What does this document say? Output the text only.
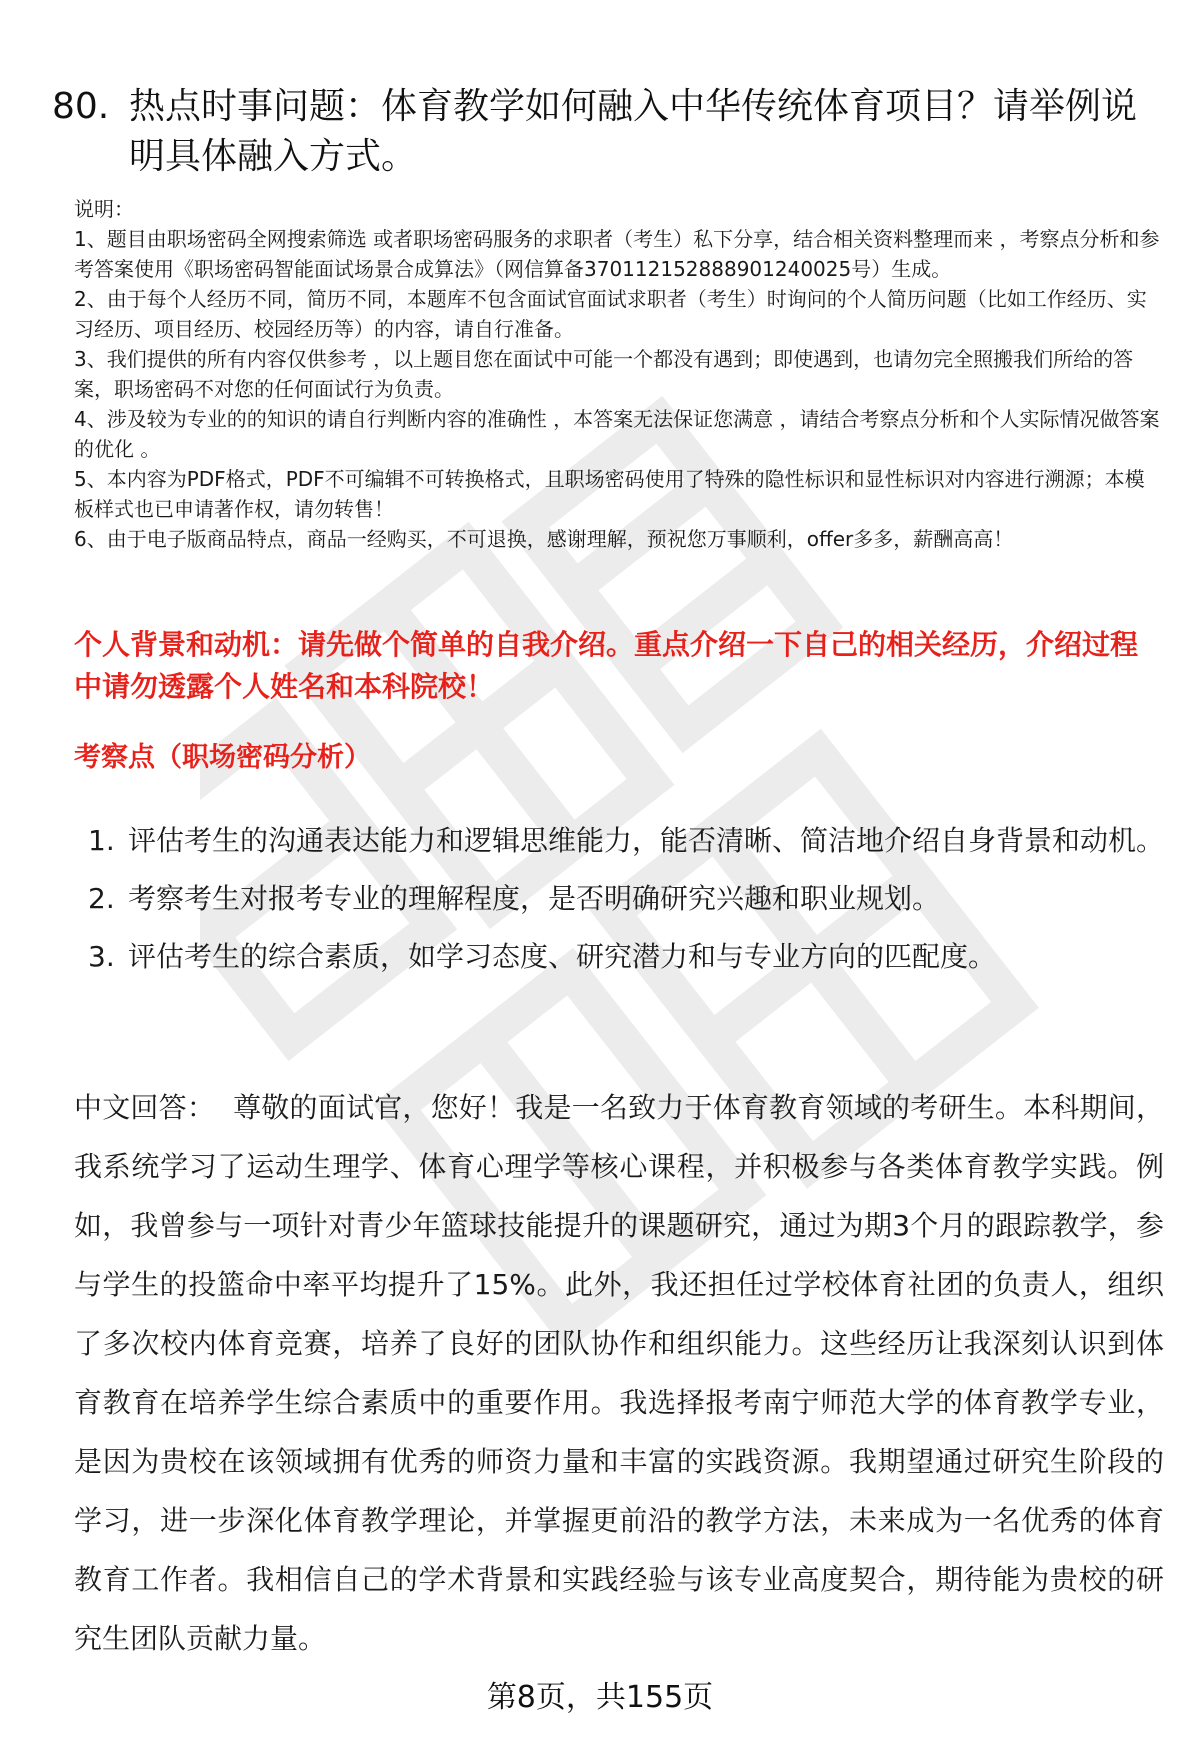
80. 热点时事问题：体育教学如何融入中华传统体育项目？请举例说明具体融入方式。

说明：

1、题目由职场密码全网搜索筛选 或者职场密码服务的求职者（考生）私下分享，结合相关资料整理而来 ，考察点分析和参考答案使用《职场密码智能面试场景合成算法》（网信算备370112152888901240025号）生成。

2、由于每个人经历不同，简历不同，本题库不包含面试官面试求职者（考生）时询问的个人简历问题（比如工作经历、实习经历、项目经历、校园经历等）的内容，请自行准备。

3、我们提供的所有内容仅供参考 ，以上题目您在面试中可能一个都没有遇到；即使遇到，也请勿完全照搬我们所给的答案，职场密码不对您的任何面试行为负责。

4、涉及较为专业的的知识的请自行判断内容的准确性 ，本答案无法保证您满意 ，请结合考察点分析和个人实际情况做答案的优化 。

5、本内容为PDF格式，PDF不可编辑不可转换格式，且职场密码使用了特殊的隐性标识和显性标识对内容进行溯源；本模板样式也已申请著作权，请勿转售！

6、由于电子版商品特点，商品一经购买，不可退换，感谢理解，预祝您万事顺利，offer多多，薪酬高高！

个人背景和动机：请先做个简单的自我介绍。重点介绍一下自己的相关经历，介绍过程中请勿透露个人姓名和本科院校！
考察点（职场密码分析）
1. 评估考生的沟通表达能力和逻辑思维能力，能否清晰、简洁地介绍自身背景和动机。
2. 考察考生对报考专业的理解程度，是否明确研究兴趣和职业规划。
3. 评估考生的综合素质，如学习态度、研究潜力和与专业方向的匹配度。

中文回答： 尊敬的面试官，您好！我是一名致力于体育教育领域的考研生。本科期间，我系统学习了运动生理学、体育心理学等核心课程，并积极参与各类体育教学实践。例如，我曾参与一项针对青少年篮球技能提升的课题研究，通过为期3个月的跟踪教学，参与学生的投篮命中率平均提升了15%。此外，我还担任过学校体育社团的负责人，组织了多次校内体育竞赛，培养了良好的团队协作和组织能力。这些经历让我深刻认识到体育教育在培养学生综合素质中的重要作用。我选择报考南宁师范大学的体育教学专业，是因为贵校在该领域拥有优秀的师资力量和丰富的实践资源。我期望通过研究生阶段的学习，进一步深化体育教学理论，并掌握更前沿的教学方法，未来成为一名优秀的体育教育工作者。我相信自己的学术背景和实践经验与该专业高度契合，期待能为贵校的研究生团队贡献力量。

第8页，共155页
